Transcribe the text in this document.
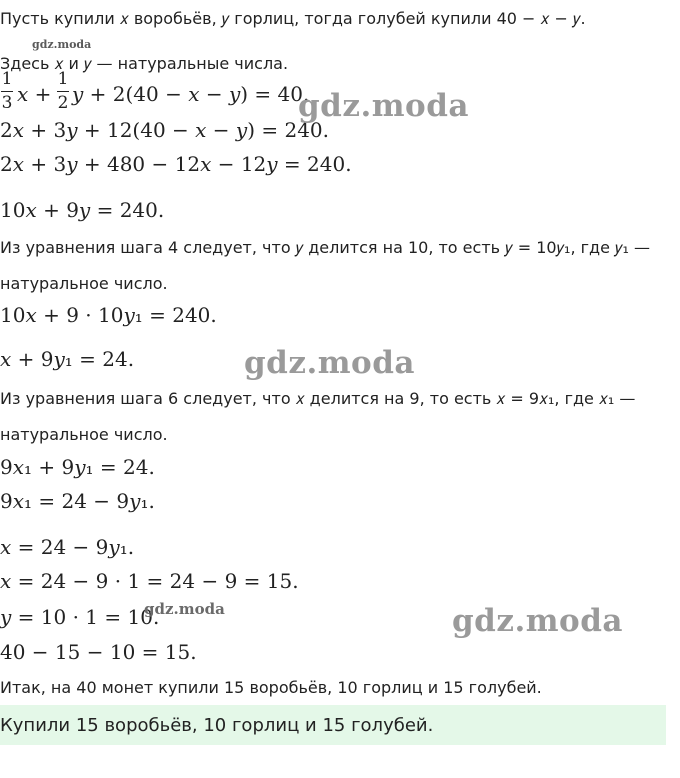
Пусть купили 𝑥 воробьёв, 𝑦 горлиц, тогда голубей купили 40 − 𝑥 − 𝑦.
Здесь 𝑥 и 𝑦 — натуральные числа.
1
3 𝑥 +
1
2 𝑦 + 2(40 − 𝑥 − 𝑦) = 40.
2𝑥 + 3𝑦 + 12(40 − 𝑥 − 𝑦) = 240.
2𝑥 + 3𝑦 + 480 − 12𝑥 − 12𝑦 = 240.
10𝑥 + 9𝑦 = 240.
Из уравнения шага 4 следует, что 𝑦 делится на 10, то есть 𝑦 = 10𝑦₁, где 𝑦₁ —
натуральное число.
10𝑥 + 9 · 10𝑦₁ = 240.
𝑥 + 9𝑦₁ = 24.
Из уравнения шага 6 следует, что 𝑥 делится на 9, то есть 𝑥 = 9𝑥₁, где 𝑥₁ —
натуральное число.
9𝑥₁ + 9𝑦₁ = 24.
9𝑥₁ = 24 − 9𝑦₁.
𝑥 = 24 − 9𝑦₁.
𝑥 = 24 − 9 · 1 = 24 − 9 = 15.
𝑦 = 10 · 1 = 10.
40 − 15 − 10 = 15.
Итак, на 40 монет купили 15 воробьёв, 10 горлиц и 15 голубей.
Купили 15 воробьёв, 10 горлиц и 15 голубей.
gdz.moda
gdz.moda
gdz.moda
gdz.moda	gdz.moda
